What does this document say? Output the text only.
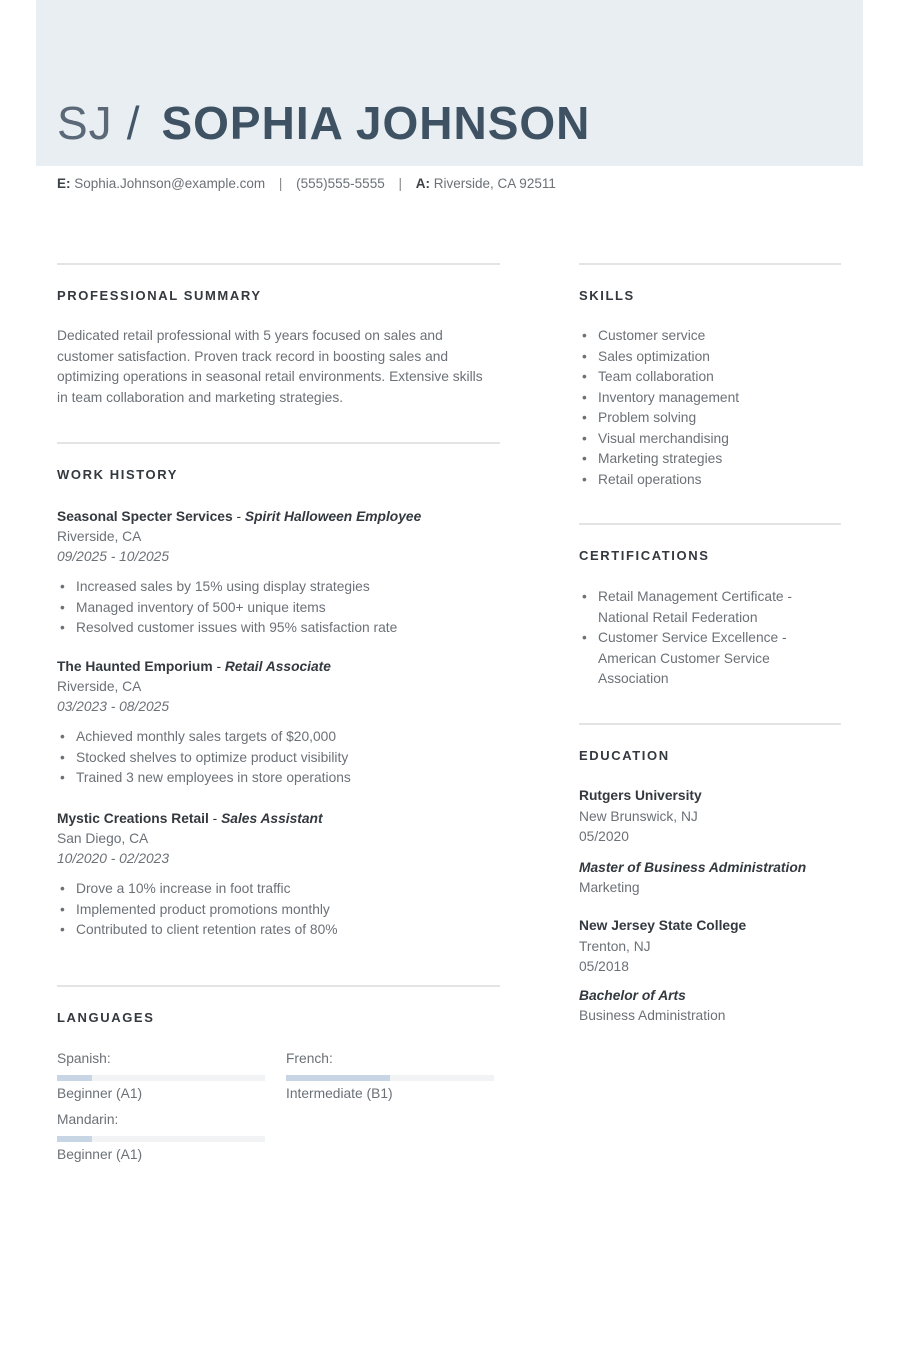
SJ / SOPHIA JOHNSON
E: Sophia.Johnson@example.com | (555)555-5555 | A: Riverside, CA 92511
PROFESSIONAL SUMMARY
Dedicated retail professional with 5 years focused on sales and customer satisfaction. Proven track record in boosting sales and optimizing operations in seasonal retail environments. Extensive skills in team collaboration and marketing strategies.
WORK HISTORY
Seasonal Specter Services - Spirit Halloween Employee
Riverside, CA
09/2025 - 10/2025
• Increased sales by 15% using display strategies
• Managed inventory of 500+ unique items
• Resolved customer issues with 95% satisfaction rate
The Haunted Emporium - Retail Associate
Riverside, CA
03/2023 - 08/2025
• Achieved monthly sales targets of $20,000
• Stocked shelves to optimize product visibility
• Trained 3 new employees in store operations
Mystic Creations Retail - Sales Assistant
San Diego, CA
10/2020 - 02/2023
• Drove a 10% increase in foot traffic
• Implemented product promotions monthly
• Contributed to client retention rates of 80%
LANGUAGES
Spanish:
Beginner (A1)
French:
Intermediate (B1)
Mandarin:
Beginner (A1)
SKILLS
• Customer service
• Sales optimization
• Team collaboration
• Inventory management
• Problem solving
• Visual merchandising
• Marketing strategies
• Retail operations
CERTIFICATIONS
• Retail Management Certificate - National Retail Federation
• Customer Service Excellence - American Customer Service Association
EDUCATION
Rutgers University
New Brunswick, NJ
05/2020
Master of Business Administration
Marketing
New Jersey State College
Trenton, NJ
05/2018
Bachelor of Arts
Business Administration
